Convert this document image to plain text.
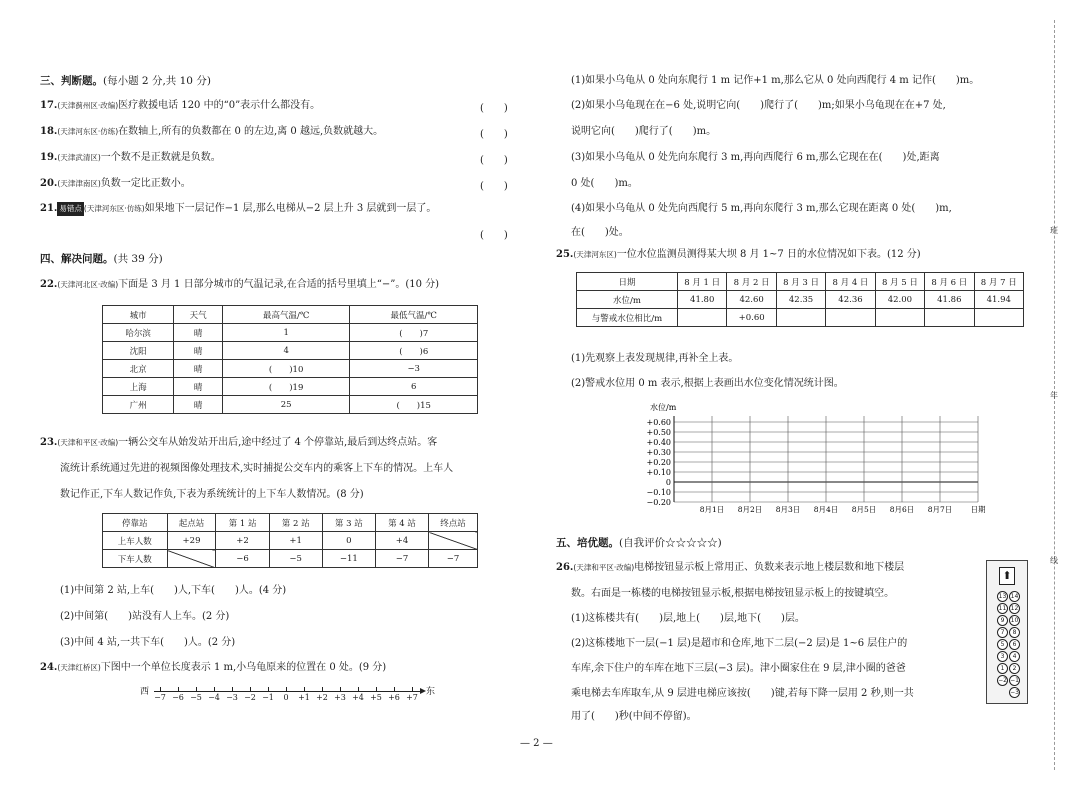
三、判断题。(每小题 2 分,共 10 分)
17.(天津蓟州区·改编)医疗救援电话 120 中的“0”表示什么都没有。	(　　)
18.(天津河东区·仿练)在数轴上,所有的负数都在 0 的左边,离 0 越远,负数就越大。	(　　)
19.(天津武清区)一个数不是正数就是负数。	(　　)
20.(天津津南区)负数一定比正数小。	(　　)
21. 易错点 (天津河东区·仿练)如果地下一层记作−1 层,那么电梯从−2 层上升 3 层就到一层了。
(　　)
四、解决问题。(共 39 分)
22.(天津河北区·改编)下面是 3 月 1 日部分城市的气温记录,在合适的括号里填上“−”。(10 分)
城市	天气	最高气温/℃	最低气温/℃
哈尔滨	晴	1	(　　)7
沈阳	晴	4	(　　)6
北京	晴	(　　)10	−3
上海	晴	(　　)19	6
广州	晴	25	(　　)15
23.(天津和平区·改编)一辆公交车从始发站开出后,途中经过了 4 个停靠站,最后到达终点站。客
流统计系统通过先进的视频图像处理技术,实时捕捉公交车内的乘客上下车的情况。上车人
数记作正,下车人数记作负,下表为系统统计的上下车人数情况。(8 分)
停靠站	起点站	第 1 站	第 2 站	第 3 站	第 4 站	终点站
上车人数	+29	+2	+1	0	+4	
下车人数		−6	−5	−11	−7	−7
(1)中间第 2 站,上车(　　)人,下车(　　)人。(4 分)
(2)中间第(　　)站没有人上车。(2 分)
(3)中间 4 站,一共下车(　　)人。(2 分)
24.(天津红桥区)下图中一个单位长度表示 1 m,小乌龟原来的位置在 0 处。(9 分)
西	东
−7 −6 −5 −4 −3 −2 −1	0	+1 +2 +3 +4 +5 +6 +7
(1)如果小乌龟从 0 处向东爬行 1 m 记作+1 m,那么它从 0 处向西爬行 4 m 记作(　　)m。
(2)如果小乌龟现在在−6 处,说明它向(　　)爬行了(　　)m;如果小乌龟现在在+7 处,
说明它向(　　)爬行了(　　)m。
(3)如果小乌龟从 0 处先向东爬行 3 m,再向西爬行 6 m,那么它现在在(　　)处,距离
0 处(　　)m。
(4)如果小乌龟从 0 处先向西爬行 5 m,再向东爬行 3 m,那么它现在距离 0 处(　　)m,
在(　　)处。
25.(天津河东区)一位水位监测员测得某大坝 8 月 1~7 日的水位情况如下表。(12 分)
日期	8 月 1 日	8 月 2 日	8 月 3 日	8 月 4 日	8 月 5 日	8 月 6 日	8 月 7 日
水位/m	41.80	42.60	42.35	42.36	42.00	41.86	41.94
与警戒水位相比/m		+0.60					
(1)先观察上表发现规律,再补全上表。
(2)警戒水位用 0 m 表示,根据上表画出水位变化情况统计图。
水位/m
+0.60
+0.50
+0.40
+0.30
+0.20
+0.10
0
−0.10
−0.20
8月1日 8月2日 8月3日 8月4日 8月5日 8月6日 8月7日 日期
五、培优题。(自我评价☆☆☆☆☆)
26.(天津和平区·改编)电梯按钮显示板上常用正、负数来表示地上楼层数和地下楼层
数。右面是一栋楼的电梯按钮显示板,根据电梯按钮显示板上的按键填空。
(1)这栋楼共有(　　)层,地上(　　)层,地下(　　)层。
(2)这栋楼地下一层(−1 层)是超市和仓库,地下二层(−2 层)是 1~6 层住户的
车库,余下住户的车库在地下三层(−3 层)。津小圈家住在 9 层,津小圈的爸爸
乘电梯去车库取车,从 9 层进电梯应该按(　　)键,若每下降一层用 2 秒,则一共
用了(　　)秒(中间不停留)。
⬆
13 14
11 12
9	10
7	8
5	6
3	4
1	2
−2 −1
−3
— 2 —
班
年
线
